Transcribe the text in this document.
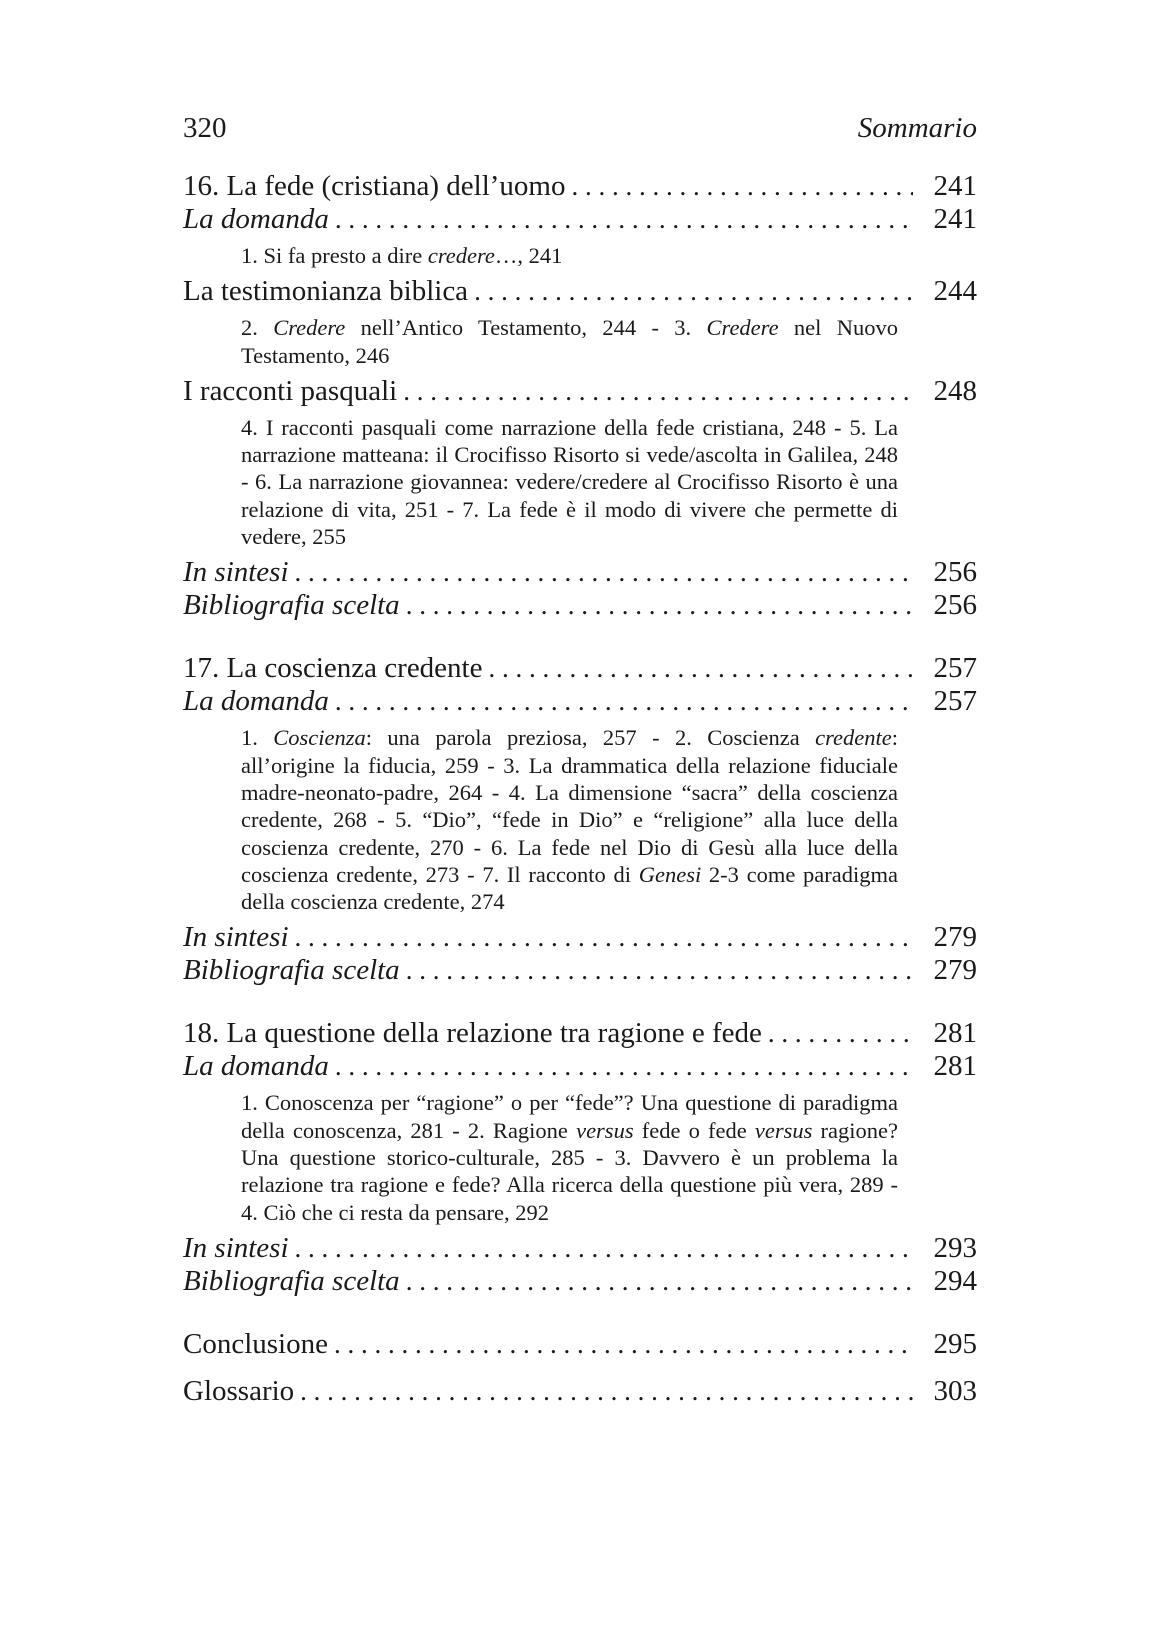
320	Sommario
16. La fede (cristiana) dell’uomo . . .	241
La domanda . . .	241
1. Si fa presto a dire credere…, 241
La testimonianza biblica . . .	244
2. Credere nell’Antico Testamento, 244 - 3. Credere nel Nuovo Testamento, 246
I racconti pasquali . . .	248
4. I racconti pasquali come narrazione della fede cristiana, 248 - 5. La narrazione matteana: il Crocifisso Risorto si vede/ascolta in Galilea, 248 - 6. La narrazione giovannea: vedere/credere al Crocifisso Risorto è una relazione di vita, 251 - 7. La fede è il modo di vivere che permette di vedere, 255
In sintesi . . .	256
Bibliografia scelta . . .	256
17. La coscienza credente . . .	257
La domanda . . .	257
1. Coscienza: una parola preziosa, 257 - 2. Coscienza credente: all’origine la fiducia, 259 - 3. La drammatica della relazione fiduciale madre-neonato-padre, 264 - 4. La dimensione “sacra” della coscienza credente, 268 - 5. “Dio”, “fede in Dio” e “religione” alla luce della coscienza credente, 270 - 6. La fede nel Dio di Gesù alla luce della coscienza credente, 273 - 7. Il racconto di Genesi 2-3 come paradigma della coscienza credente, 274
In sintesi . . .	279
Bibliografia scelta . . .	279
18. La questione della relazione tra ragione e fede . . .	281
La domanda . . .	281
1. Conoscenza per “ragione” o per “fede”? Una questione di paradigma della conoscenza, 281 - 2. Ragione versus fede o fede versus ragione? Una questione storico-culturale, 285 - 3. Davvero è un problema la relazione tra ragione e fede? Alla ricerca della questione più vera, 289 - 4. Ciò che ci resta da pensare, 292
In sintesi . . .	293
Bibliografia scelta . . .	294
Conclusione . . .	295
Glossario . . .	303
